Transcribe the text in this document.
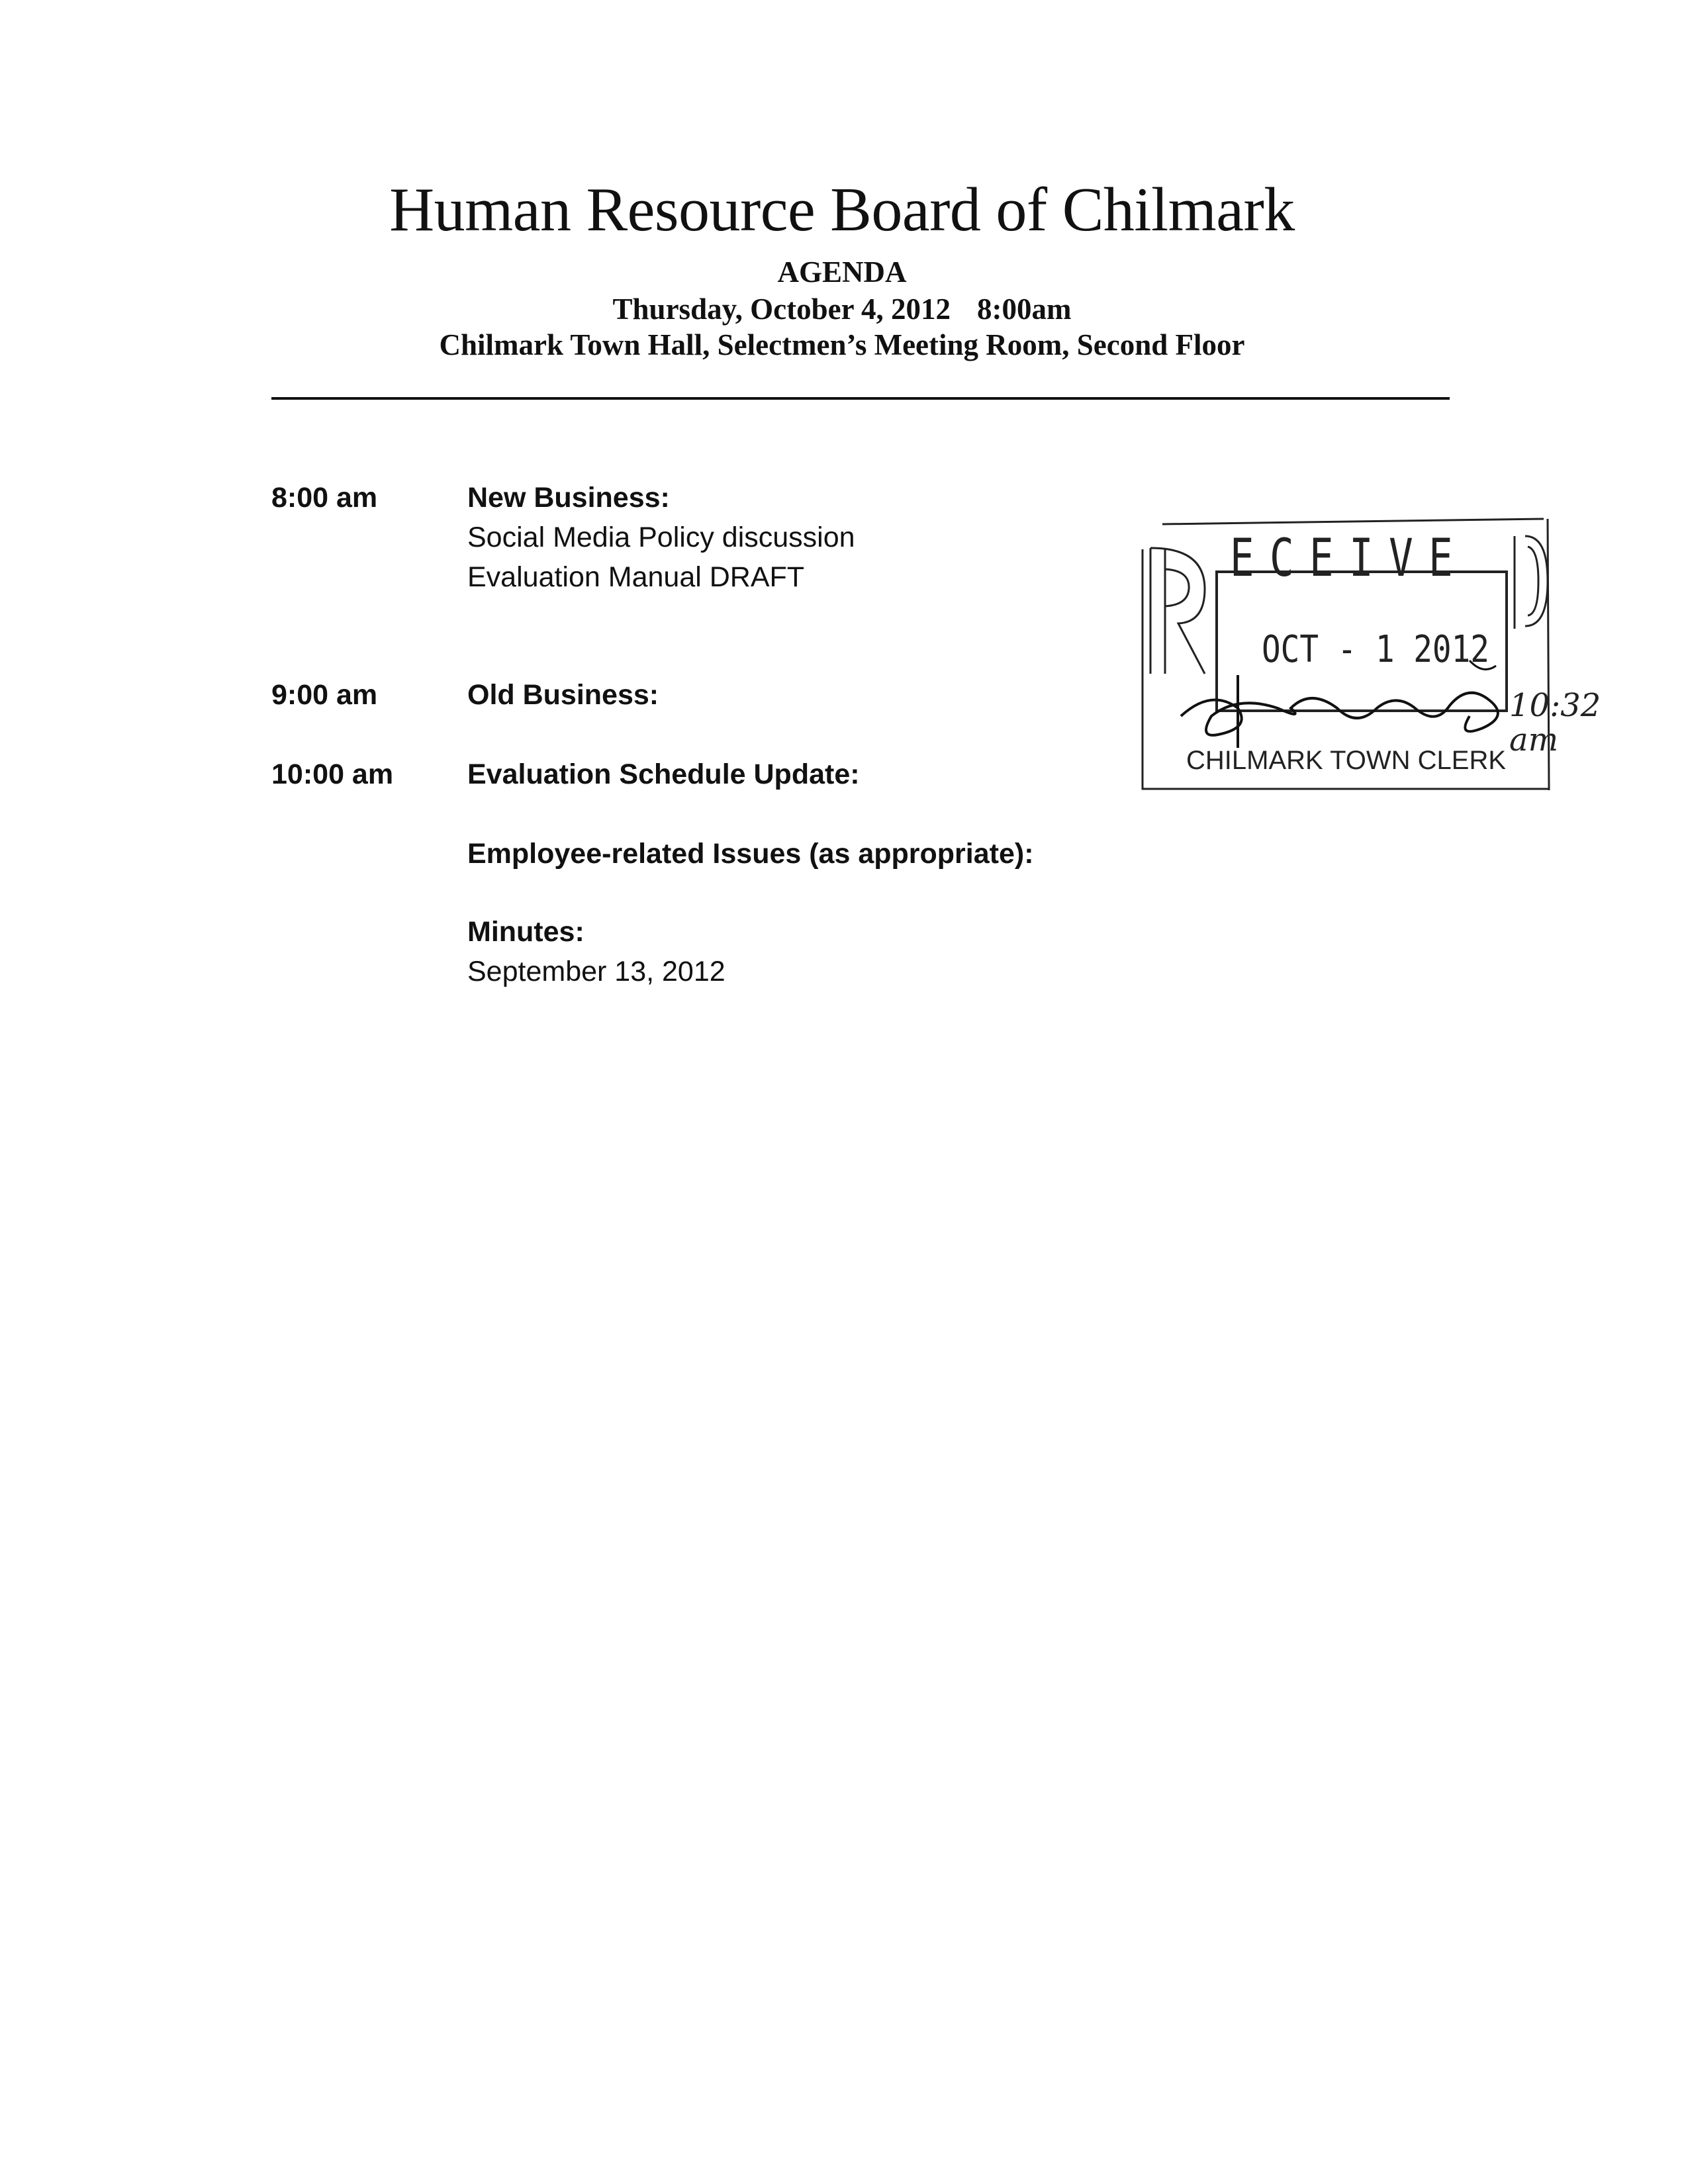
Human Resource Board of Chilmark
AGENDA
Thursday, October 4, 2012 8:00am
Chilmark Town Hall, Selectmen’s Meeting Room, Second Floor
8:00 am	New Business:
Social Media Policy discussion
Evaluation Manual DRAFT
9:00 am	Old Business:
10:00 am	Evaluation Schedule Update:
Employee-related Issues (as appropriate):
Minutes:
September 13, 2012
ECEIVE
OCT - 1 2012
CHILMARK TOWN CLERK
10:32 am
